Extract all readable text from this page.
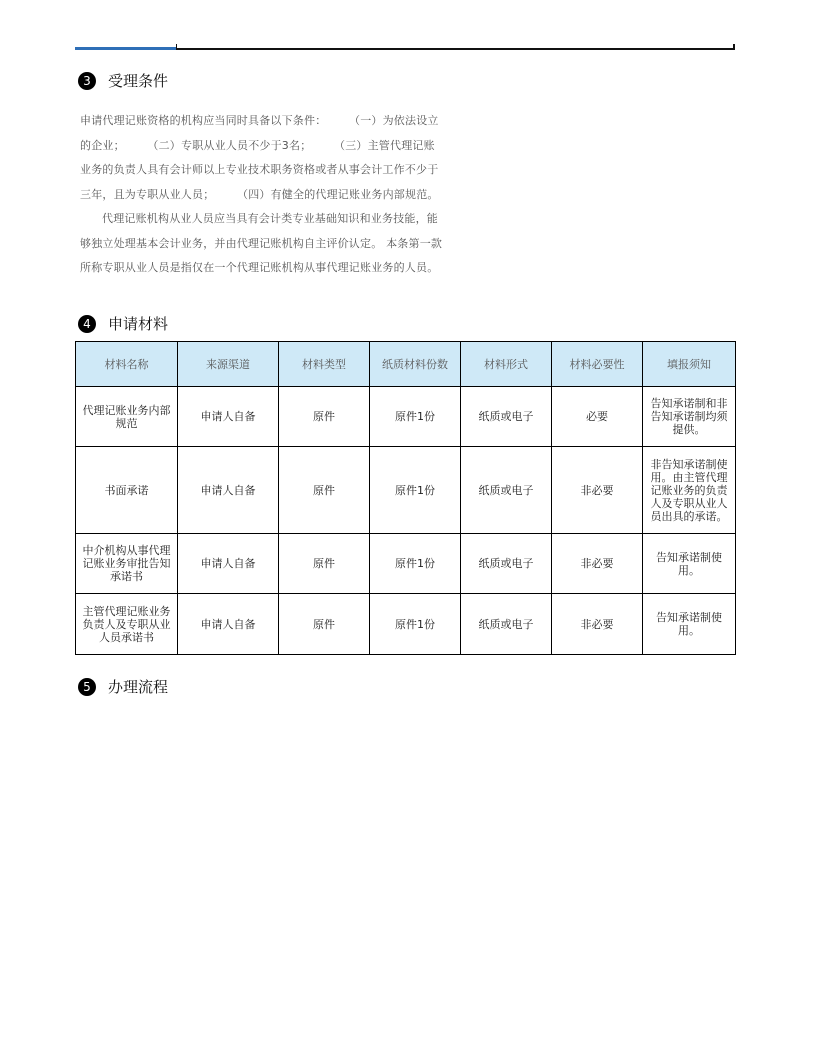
3	受理条件

申请代理记账资格的机构应当同时具备以下条件：　　　（一）为依法设立

的企业；　　　（二）专职从业人员不少于3名；　　　（三）主管代理记账

业务的负责人具有会计师以上专业技术职务资格或者从事会计工作不少于

三年，且为专职从业人员；　　　（四）有健全的代理记账业务内部规范。

代理记账机构从业人员应当具有会计类专业基础知识和业务技能，能

够独立处理基本会计业务，并由代理记账机构自主评价认定。 本条第一款

所称专职从业人员是指仅在一个代理记账机构从事代理记账业务的人员。

4	申请材料
材料名称	来源渠道	材料类型	纸质材料份数	材料形式	材料必要性	填报须知
代理记账业务内部规范	申请人自备	原件	原件1份	纸质或电子	必要	告知承诺制和非告知承诺制均须提供。
书面承诺	申请人自备	原件	原件1份	纸质或电子	非必要	非告知承诺制使用。由主管代理记账业务的负责人及专职从业人员出具的承诺。
中介机构从事代理记账业务审批告知承诺书	申请人自备	原件	原件1份	纸质或电子	非必要	告知承诺制使用。
主管代理记账业务负责人及专职从业人员承诺书	申请人自备	原件	原件1份	纸质或电子	非必要	告知承诺制使用。
5	办理流程
